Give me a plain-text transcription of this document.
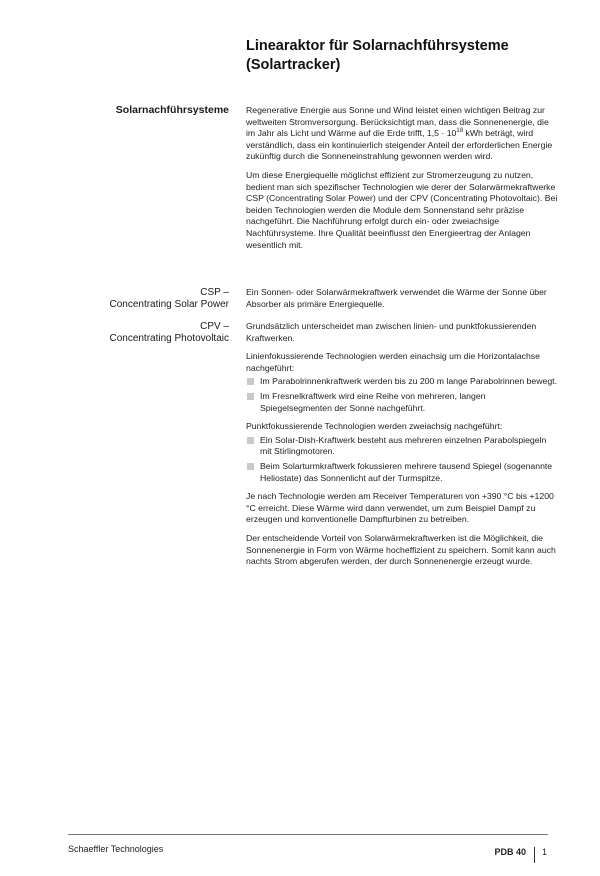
Linearaktor für Solarnachführsysteme
(Solartracker)
Solarnachführsysteme Regenerative Energie aus Sonne und Wind leistet einen wichtigen Beitrag zur weltweiten Stromversorgung. Berücksichtigt man, dass die Sonnenenergie, die im Jahr als Licht und Wärme auf die Erde trifft, $1,5 \cdot 10^{18}$ kWh beträgt, wird verständlich, dass ein kontinuierlich steigender Anteil der erforderlichen Energie zukünftig durch die Sonneneinstrahlung gewonnen werden wird.

Um diese Energiequelle möglichst effizient zur Stromerzeugung zu nutzen, bedient man sich spezifischer Technologien wie derer der Solarwärmekraftwerke CSP (Concentrating Solar Power) und der CPV (Concentrating Photovoltaic). Bei beiden Technologien werden die Module dem Sonnenstand sehr präzise nachgeführt. Die Nachführung erfolgt durch ein- oder zweiachsige Nachführsysteme. Ihre Qualität beeinflusst den Energieertrag der Anlagen wesentlich mit.

CSP –
Concentrating Solar Power

Ein Sonnen- oder Solarwärmekraftwerk verwendet die Wärme der Sonne über Absorber als primäre Energiequelle.

CPV –
Concentrating Photovoltaic

Grundsätzlich unterscheidet man zwischen linien- und punktfokussierenden Kraftwerken.

Linienfokussierende Technologien werden einachsig um die Horizontalachse nachgeführt:

Im Parabolrinnenkraftwerk werden bis zu 200 m lange Parabolrinnen bewegt.
Im Fresnelkraftwerk wird eine Reihe von mehreren, langen Spiegelsegmenten der Sonne nachgeführt.

Punktfokussierende Technologien werden zweiachsig nachgeführt:

Ein Solar-Dish-Kraftwerk besteht aus mehreren einzelnen Parabolspiegeln mit Stirlingmotoren.
Beim Solarturmkraftwerk fokussieren mehrere tausend Spiegel (sogenannte Heliostate) das Sonnenlicht auf der Turmspitze.

Je nach Technologie werden am Receiver Temperaturen von +390 °C bis +1200 °C erreicht. Diese Wärme wird dann verwendet, um zum Beispiel Dampf zu erzeugen und konventionelle Dampfturbinen zu betreiben.

Der entscheidende Vorteil von Solarwärmekraftwerken ist die Möglichkeit, die Sonnenenergie in Form von Wärme hocheffizient zu speichern. Somit kann auch nachts Strom abgerufen werden, der durch Sonnenenergie erzeugt wurde.

Schaeffler Technologies	PDB 40 1
